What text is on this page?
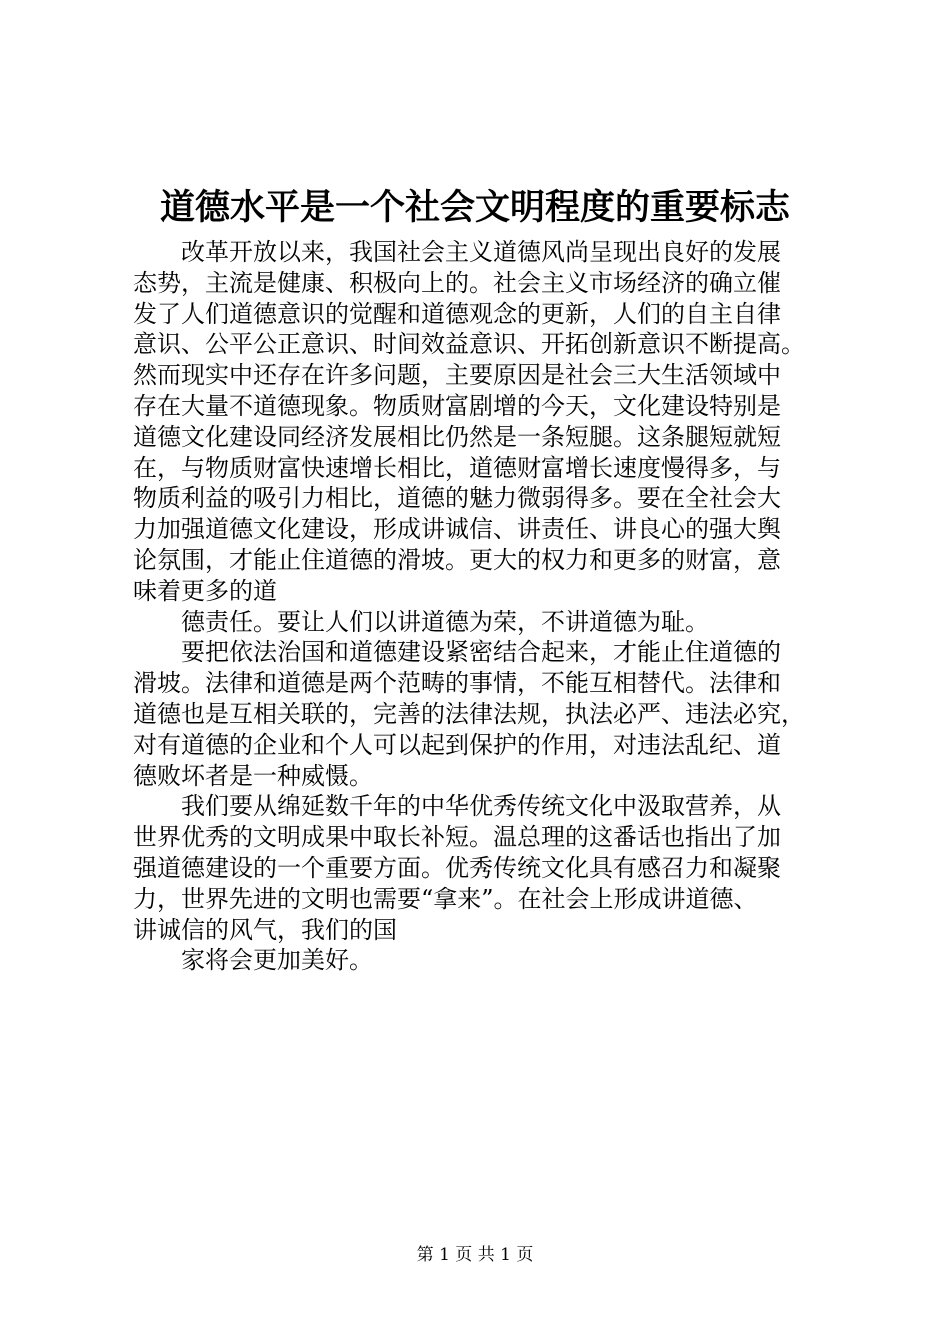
道德水平是一个社会文明程度的重要标志
改革开放以来，我国社会主义道德风尚呈现出良好的发展
态势，主流是健康、积极向上的。社会主义市场经济的确立催
发了人们道德意识的觉醒和道德观念的更新，人们的自主自律
意识、公平公正意识、时间效益意识、开拓创新意识不断提高。
然而现实中还存在许多问题，主要原因是社会三大生活领域中
存在大量不道德现象。物质财富剧增的今天，文化建设特别是
道德文化建设同经济发展相比仍然是一条短腿。这条腿短就短
在，与物质财富快速增长相比，道德财富增长速度慢得多，与
物质利益的吸引力相比，道德的魅力微弱得多。要在全社会大
力加强道德文化建设，形成讲诚信、讲责任、讲良心的强大舆
论氛围，才能止住道德的滑坡。更大的权力和更多的财富，意
味着更多的道
德责任。要让人们以讲道德为荣，不讲道德为耻。
要把依法治国和道德建设紧密结合起来，才能止住道德的
滑坡。法律和道德是两个范畴的事情，不能互相替代。法律和
道德也是互相关联的，完善的法律法规，执法必严、违法必究，
对有道德的企业和个人可以起到保护的作用，对违法乱纪、道
德败坏者是一种威慑。
我们要从绵延数千年的中华优秀传统文化中汲取营养，从
世界优秀的文明成果中取长补短。温总理的这番话也指出了加
强道德建设的一个重要方面。优秀传统文化具有感召力和凝聚
力，世界先进的文明也需要“拿来”。在社会上形成讲道德、
讲诚信的风气，我们的国
家将会更加美好。
第 1 页 共 1 页
